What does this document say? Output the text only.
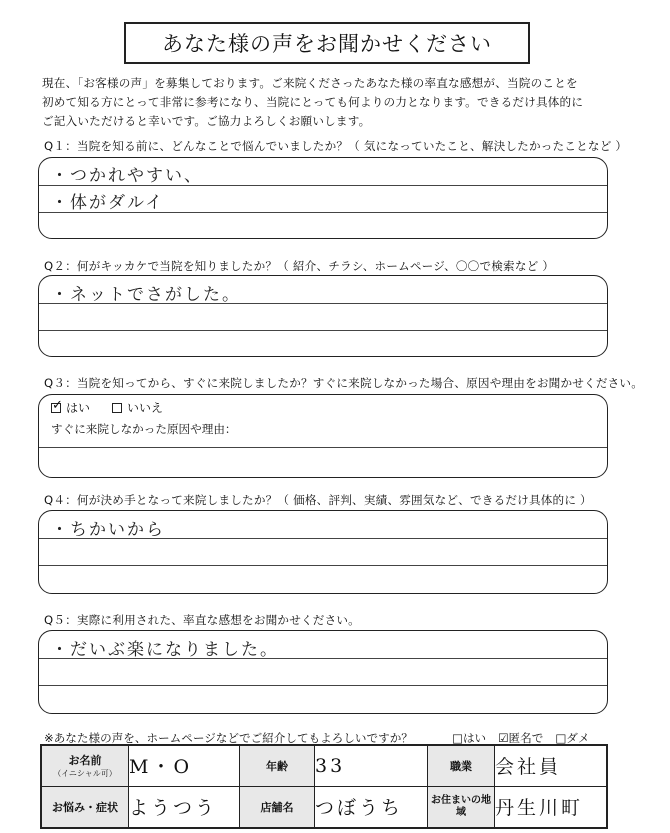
あなた様の声をお聞かせください
現在、「お客様の声」を募集しております。ご来院くださったあなた様の率直な感想が、当院のことを
初めて知る方にとって非常に参考になり、当院にとっても何よりの力となります。できるだけ具体的に
ご記入いただけると幸いです。ご協力よろしくお願いします。
Q１：当院を知る前に、どんなことで悩んでいましたか？（ 気になっていたこと、解決したかったことなど ）
・つかれやすい、
・体がダルイ
Q２：何がキッカケで当院を知りましたか？（ 紹介、チラシ、ホームページ、〇〇で検索など ）
・ネットでさがした。
Q３：当院を知ってから、すぐに来院しましたか？すぐに来院しなかった場合、原因や理由をお聞かせください。
✓
はい	いいえ
すぐに来院しなかった原因や理由：
Q４：何が決め手となって来院しましたか？（ 価格、評判、実績、雰囲気など、できるだけ具体的に ）
・ちかいから
Q５：実際に利用された、率直な感想をお聞かせください。
・だいぶ楽になりました。
※あなた様の声を、ホームページなどでご紹介してもよろしいですか？	□はい ☑匿名で □ダメ
お名前
（イニシャル可）	M・O	年齢	33	職業	会社員
お悩み・症状	ようつう	店舗名	つぼうち	お住まいの地域	丹生川町
